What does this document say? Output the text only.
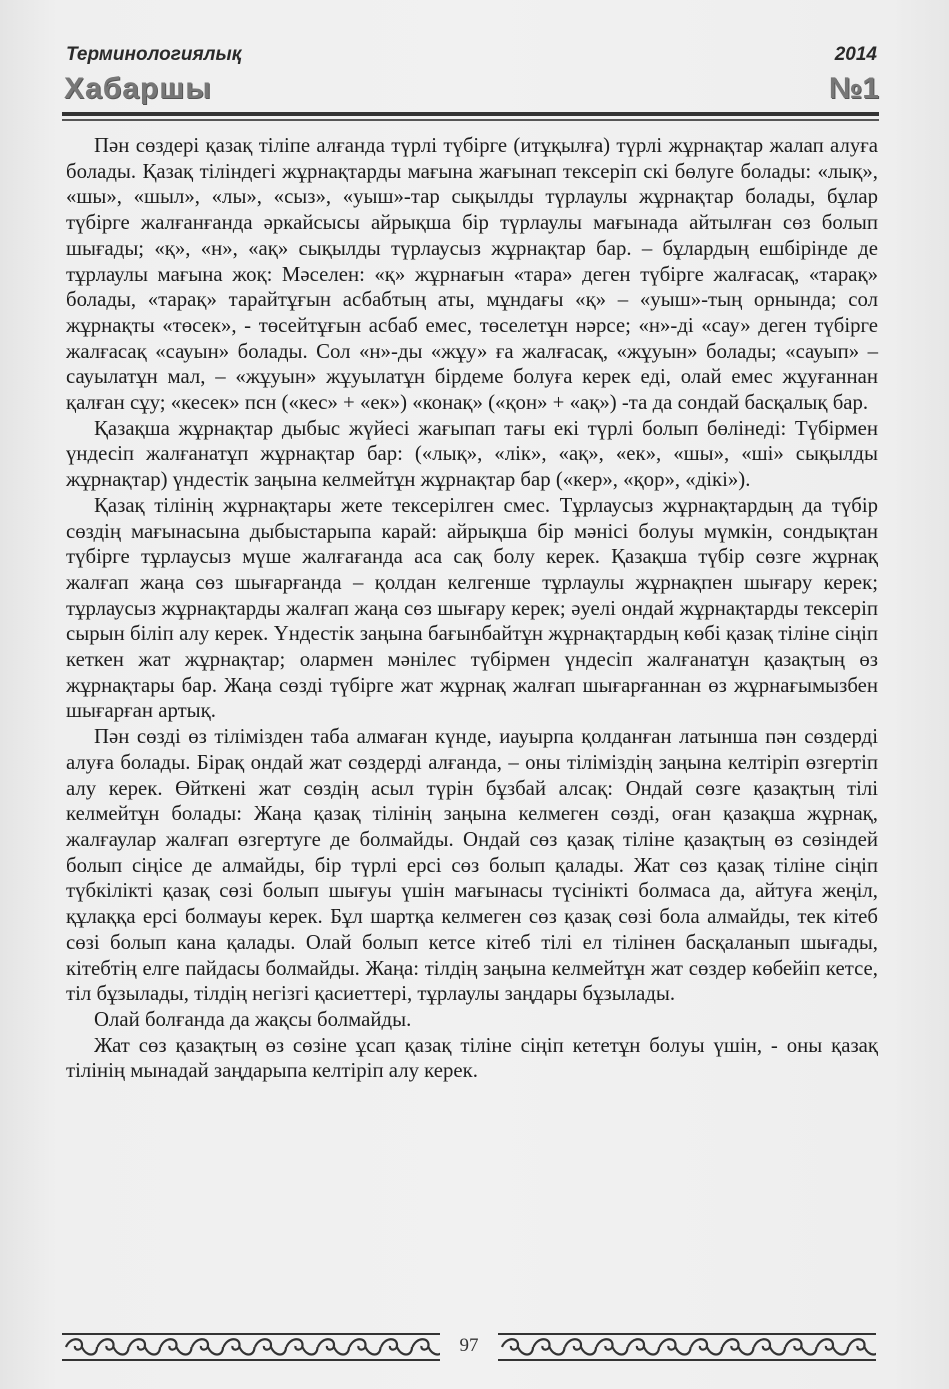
Терминологиялық	2014
Хабаршы	№1

Пән сөздері қазақ тіліпе алғанда түрлі түбірге (итұқылға) түрлі жұрнақтар жалап алуға болады. Қазақ тіліндегі жұрнақтарды мағына жағынап тексеріп скі бөлуге болады: «лық», «шы», «шыл», «лы», «сыз», «уыш»-тар сықылды түрлаулы жұрнақтар болады, бұлар түбірге жалғанғанда әркайсысы айрықша бір түрлаулы мағынада айтылған сөз болып шығады; «қ», «н», «ақ» сықылды түрлаусыз жұрнақтар бар. – бұлардың ешбірінде де тұрлаулы мағына жоқ: Мәселен: «қ» жұрнағын «тара» деген түбірге жалғасақ, «тарақ» болады, «тарақ» тарайтұғын асбабтың аты, мұндағы «қ» – «уыш»-тың орнында; сол жұрнақты «төсек», - төсейтұғын асбаб емес, төселетұн нәрсе; «н»-ді «сау» деген түбірге жалғасақ «сауын» болады. Сол «н»-ды «жұу» ға жалғасақ, «жұуын» болады; «сауып» – сауылатұн мал, – «жұуын» жұуылатұн бірдеме болуға керек еді, олай емес жұуғаннан қалған сұу; «кесек» псн («кес» + «ек») «конақ» («қон» + «ақ») -та да сондай басқалық бар.

Қазақша жұрнақтар дыбыс жүйесі жағыпап тағы екі түрлі болып бөлінеді: Түбірмен үндесіп жалғанатұп жұрнақтар бар: («лық», «лік», «ақ», «ек», «шы», «ші» сықылды жұрнақтар) үндестік заңына келмейтұн жұрнақтар бар («кер», «қор», «дікі»).

Қазақ тілінің жұрнақтары жете тексерілген смес. Тұрлаусыз жұрнақтардың да түбір сөздің мағынасына дыбыстарыпа карай: айрықша бір мәнісі болуы мүмкін, сондықтан түбірге тұрлаусыз мүше жалғағанда аса сақ болу керек. Қазақша түбір сөзге жұрнақ жалғап жаңа сөз шығарғанда – қолдан келгенше тұрлаулы жұрнақпен шығару керек; тұрлаусыз жұрнақтарды жалғап жаңа сөз шығару керек; әуелі ондай жұрнақтарды тексеріп сырын біліп алу керек. Үндестік заңына бағынбайтұн жұрнақтардың көбі қазақ тіліне сіңіп кеткен жат жұрнақтар; олармен мәнілес түбірмен үндесіп жалғанатұн қазақтың өз жұрнақтары бар. Жаңа сөзді түбірге жат жұрнақ жалғап шығарғаннан өз жұрнағымызбен шығарған артық.

Пән сөзді өз тілімізден таба алмаған күнде, иауырпа қолданған латынша пән сөздерді алуға болады. Бірақ ондай жат сөздерді алғанда, – оны тіліміздің заңына келтіріп өзгертіп алу керек. Өйткені жат сөздің асыл түрін бұзбай алсақ: Ондай сөзге қазақтың тілі келмейтұн болады: Жаңа қазақ тілінің заңына келмеген сөзді, оған қазақша жұрнақ, жалғаулар жалғап өзгертуге де болмайды. Ондай сөз қазақ тіліне қазақтың өз сөзіндей болып сіңісе де алмайды, бір түрлі ерсі сөз болып қалады. Жат сөз қазақ тіліне сіңіп түбкілікті қазақ сөзі болып шығуы үшін мағынасы түсінікті болмаса да, айтуға жеңіл, құлаққа ерсі болмауы керек. Бұл шартқа келмеген сөз қазақ сөзі бола алмайды, тек кітеб сөзі болып кана қалады. Олай болып кетсе кітеб тілі ел тілінен басқаланып шығады, кітебтің елге пайдасы болмайды. Жаңа: тілдің заңына келмейтұн жат сөздер көбейіп кетсе, тіл бұзылады, тілдің негізгі қасиеттері, тұрлаулы заңдары бұзылады.

Олай болғанда да жақсы болмайды.

Жат сөз қазақтың өз сөзіне ұсап қазақ тіліне сіңіп кететұн болуы үшін, - оны қазақ тілінің мынадай заңдарыпа келтіріп алу керек.

97
